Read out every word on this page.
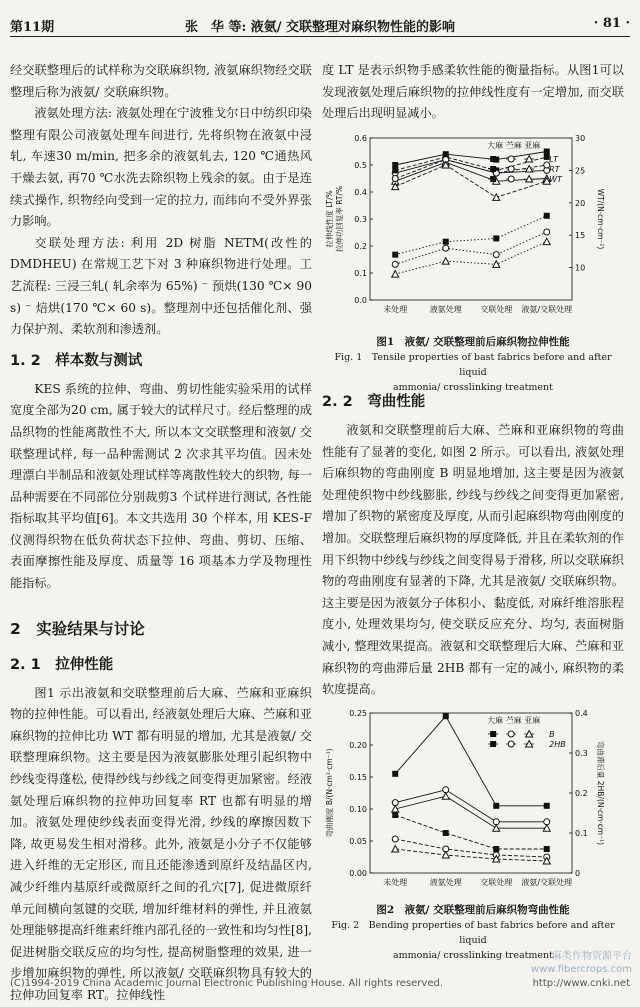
第11期	张　华 等: 液氨/ 交联整理对麻织物性能的影响	· 81 ·

经交联整理后的试样称为交联麻织物, 液氨麻织物经交联整理后称为液氨/ 交联麻织物。

液氨处理方法: 液氨处理在宁波雅戈尔日中纺织印染整理有限公司液氨处理车间进行, 先将织物在液氨中浸轧, 车速30 m/min, 把多余的液氨轧去, 120 ℃通热风干燥去氨, 再70 ℃水洗去除织物上残余的氨。由于是连续式操作, 织物经向受到一定的拉力, 而纬向不受外界张力影响。

交联处理方法: 利用 2D 树脂 NETM(改性的DMDHEU) 在常规工艺下对 3 种麻织物进行处理。工艺流程: 三浸三轧( 轧余率为 65%) ⁻ 预烘(130 ℃× 90 s) ⁻ 焙烘(170 ℃× 60 s)。整理剂中还包括催化剂、强力保护剂、柔软剂和渗透剂。

1. 2　样本数与测试

KES 系统的拉伸、弯曲、剪切性能实验采用的试样宽度全部为20 cm, 属于较大的试样尺寸。经后整理的成品织物的性能离散性不大, 所以本文交联整理和液氨/ 交联整理试样, 每一品种需测试 2 次求其平均值。因未处理漂白半制品和液氨处理试样等离散性较大的织物, 每一品种需要在不同部位分别裁剪3 个试样进行测试, 各性能指标取其平均值[6]。本文共选用 30 个样本, 用 KES-F 仪测得织物在低负荷状态下拉伸、弯曲、剪切、压缩、表面摩擦性能及厚度、质量等 16 项基本力学及物理性能指标。

2　实验结果与讨论
2. 1　拉伸性能

图1 示出液氨和交联整理前后大麻、苎麻和亚麻织物的拉伸性能。可以看出, 经液氨处理后大麻、苎麻和亚麻织物的拉伸比功 WT 都有明显的增加, 尤其是液氨/ 交联整理麻织物。这主要是因为液氨膨胀处理引起织物中纱线变得蓬松, 使得纱线与纱线之间变得更加紧密。经液氨处理后麻织物的拉伸功回复率 RT 也都有明显的增加。液氨处理使纱线表面变得光滑, 纱线的摩擦因数下降, 故更易发生相对滑移。此外, 液氨是小分子不仅能够进入纤维的无定形区, 而且还能渗透到原纤及结晶区内, 减少纤维内基原纤或微原纤之间的孔穴[7], 促进微原纤单元间横向氢键的交联, 增加纤维材料的弹性, 并且液氨处理能够提高纤维素纤维内部孔径的一致性和均匀性[8], 促进树脂交联反应的均匀性, 提高树脂整理的效果, 进一步增加麻织物的弹性, 所以液氨/ 交联麻织物具有较大的拉伸功回复率 RT。拉伸线性

度 LT 是表示织物手感柔软性能的衡量指标。从图1可以发现液氨处理后麻织物的拉伸线性度有一定增加, 而交联处理后出现明显减小。

0.0
0.1
0.2
0.3
0.4
0.5
0.6
10
15
20
25
30
未处理	液氨处理 交联处理 液氨/交联处理
拉伸线性度 LT/% 拉伸功回复率 RT/%	WT/(N·cm·cm⁻²)
大麻 苎麻 亚麻
LT
RT
WT
图1　液氨/ 交联整理前后麻织物拉伸性能
Fig. 1　Tensile properties of bast fabrics before and after liquid
ammonia/ crosslinking treatment
2. 2　弯曲性能

液氨和交联整理前后大麻、苎麻和亚麻织物的弯曲性能有了显著的变化, 如图 2 所示。可以看出, 液氨处理后麻织物的弯曲刚度 B 明显地增加, 这主要是因为液氨处理使织物中纱线膨胀, 纱线与纱线之间变得更加紧密, 增加了织物的紧密度及厚度, 从而引起麻织物弯曲刚度的增加。交联整理后麻织物的厚度降低, 并且在柔软剂的作用下织物中纱线与纱线之间变得易于滑移, 所以交联麻织物的弯曲刚度有显著的下降, 尤其是液氨/ 交联麻织物。这主要是因为液氨分子体积小、黏度低, 对麻纤维溶胀程度小, 处理效果均匀, 使交联反应充分、均匀, 表面树脂减小, 整理效果提高。液氨和交联整理后大麻、苎麻和亚麻织物的弯曲滞后量 2HB 都有一定的减小, 麻织物的柔软度提高。

0.00
0.05
0.10
0.15
0.20
0.25
0
0.1
0.2
0.3
0.4
未处理	液氨处理 交联处理 液氨/交联处理
弯曲刚度 B/(N·cm²·cm⁻¹)	弯曲滞后量 2HB/(N·cm·cm⁻¹)
大麻 苎麻 亚麻
B
2HB
图2　液氨/ 交联整理前后麻织物弯曲性能
Fig. 2　Bending properties of bast fabrics before and after liquid
ammonia/ crosslinking treatment 麻类作物资源平台
www.fibercrops.com
(C)1994-2019 China Academic Journal Electronic Publishing House. All rights reserved.	http://www.cnki.net
